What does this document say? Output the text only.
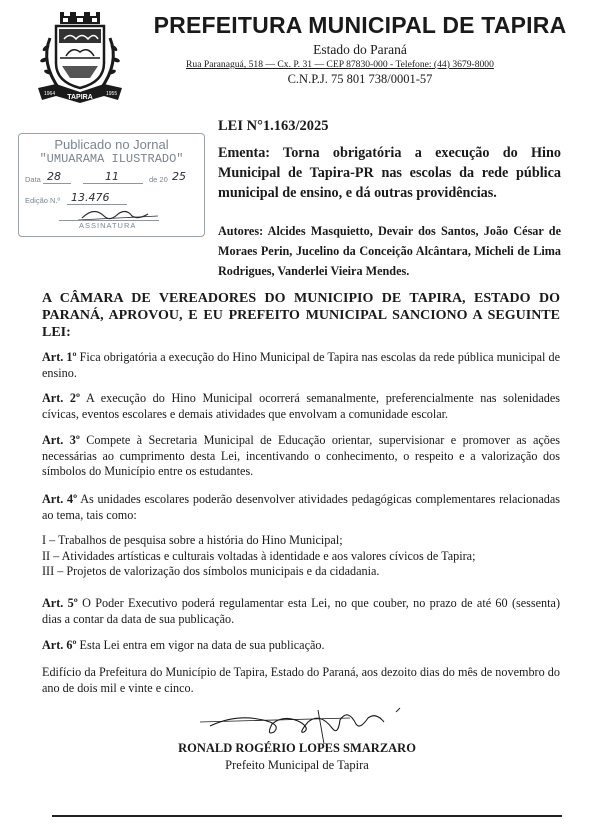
1964 TAPIRA	1955
PREFEITURA MUNICIPAL DE TAPIRA
Estado do Paraná
Rua Paranaguá, 518 — Cx. P. 31 — CEP 87830-000 - Telefone: (44) 3679-8000
C.N.P.J. 75 801 738/0001-57
Publicado no Jornal
"UMUARAMA ILUSTRADO"
Data 28	11	de 20 25
Edição N.º 13.476
ASSINATURA
LEI N°1.163/2025
Ementa: Torna obrigatória a execução do Hino Municipal de Tapira-PR nas escolas da rede pública municipal de ensino, e dá outras providências.
Autores: Alcides Masquietto, Devair dos Santos, João César de Moraes Perin, Jucelino da Conceição Alcântara, Micheli de Lima Rodrigues, Vanderlei Vieira Mendes.
A CÂMARA DE VEREADORES DO MUNICIPIO DE TAPIRA, ESTADO DO PARANÁ, APROVOU, E EU PREFEITO MUNICIPAL SANCIONO A SEGUINTE LEI:
Art. 1º Fica obrigatória a execução do Hino Municipal de Tapira nas escolas da rede pública municipal de ensino.
Art. 2º A execução do Hino Municipal ocorrerá semanalmente, preferencialmente nas solenidades cívicas, eventos escolares e demais atividades que envolvam a comunidade escolar.
Art. 3º Compete à Secretaria Municipal de Educação orientar, supervisionar e promover as ações necessárias ao cumprimento desta Lei, incentivando o conhecimento, o respeito e a valorização dos símbolos do Município entre os estudantes.
Art. 4º As unidades escolares poderão desenvolver atividades pedagógicas complementares relacionadas ao tema, tais como:
I – Trabalhos de pesquisa sobre a história do Hino Municipal;
II – Atividades artísticas e culturais voltadas à identidade e aos valores cívicos de Tapira;
III – Projetos de valorização dos símbolos municipais e da cidadania.
Art. 5º O Poder Executivo poderá regulamentar esta Lei, no que couber, no prazo de até 60 (sessenta) dias a contar da data de sua publicação.
Art. 6º Esta Lei entra em vigor na data de sua publicação.
Edifício da Prefeitura do Município de Tapira, Estado do Paraná, aos dezoito dias do mês de novembro do ano de dois mil e vinte e cinco.
RONALD ROGÉRIO LOPES SMARZARO
Prefeito Municipal de Tapira
